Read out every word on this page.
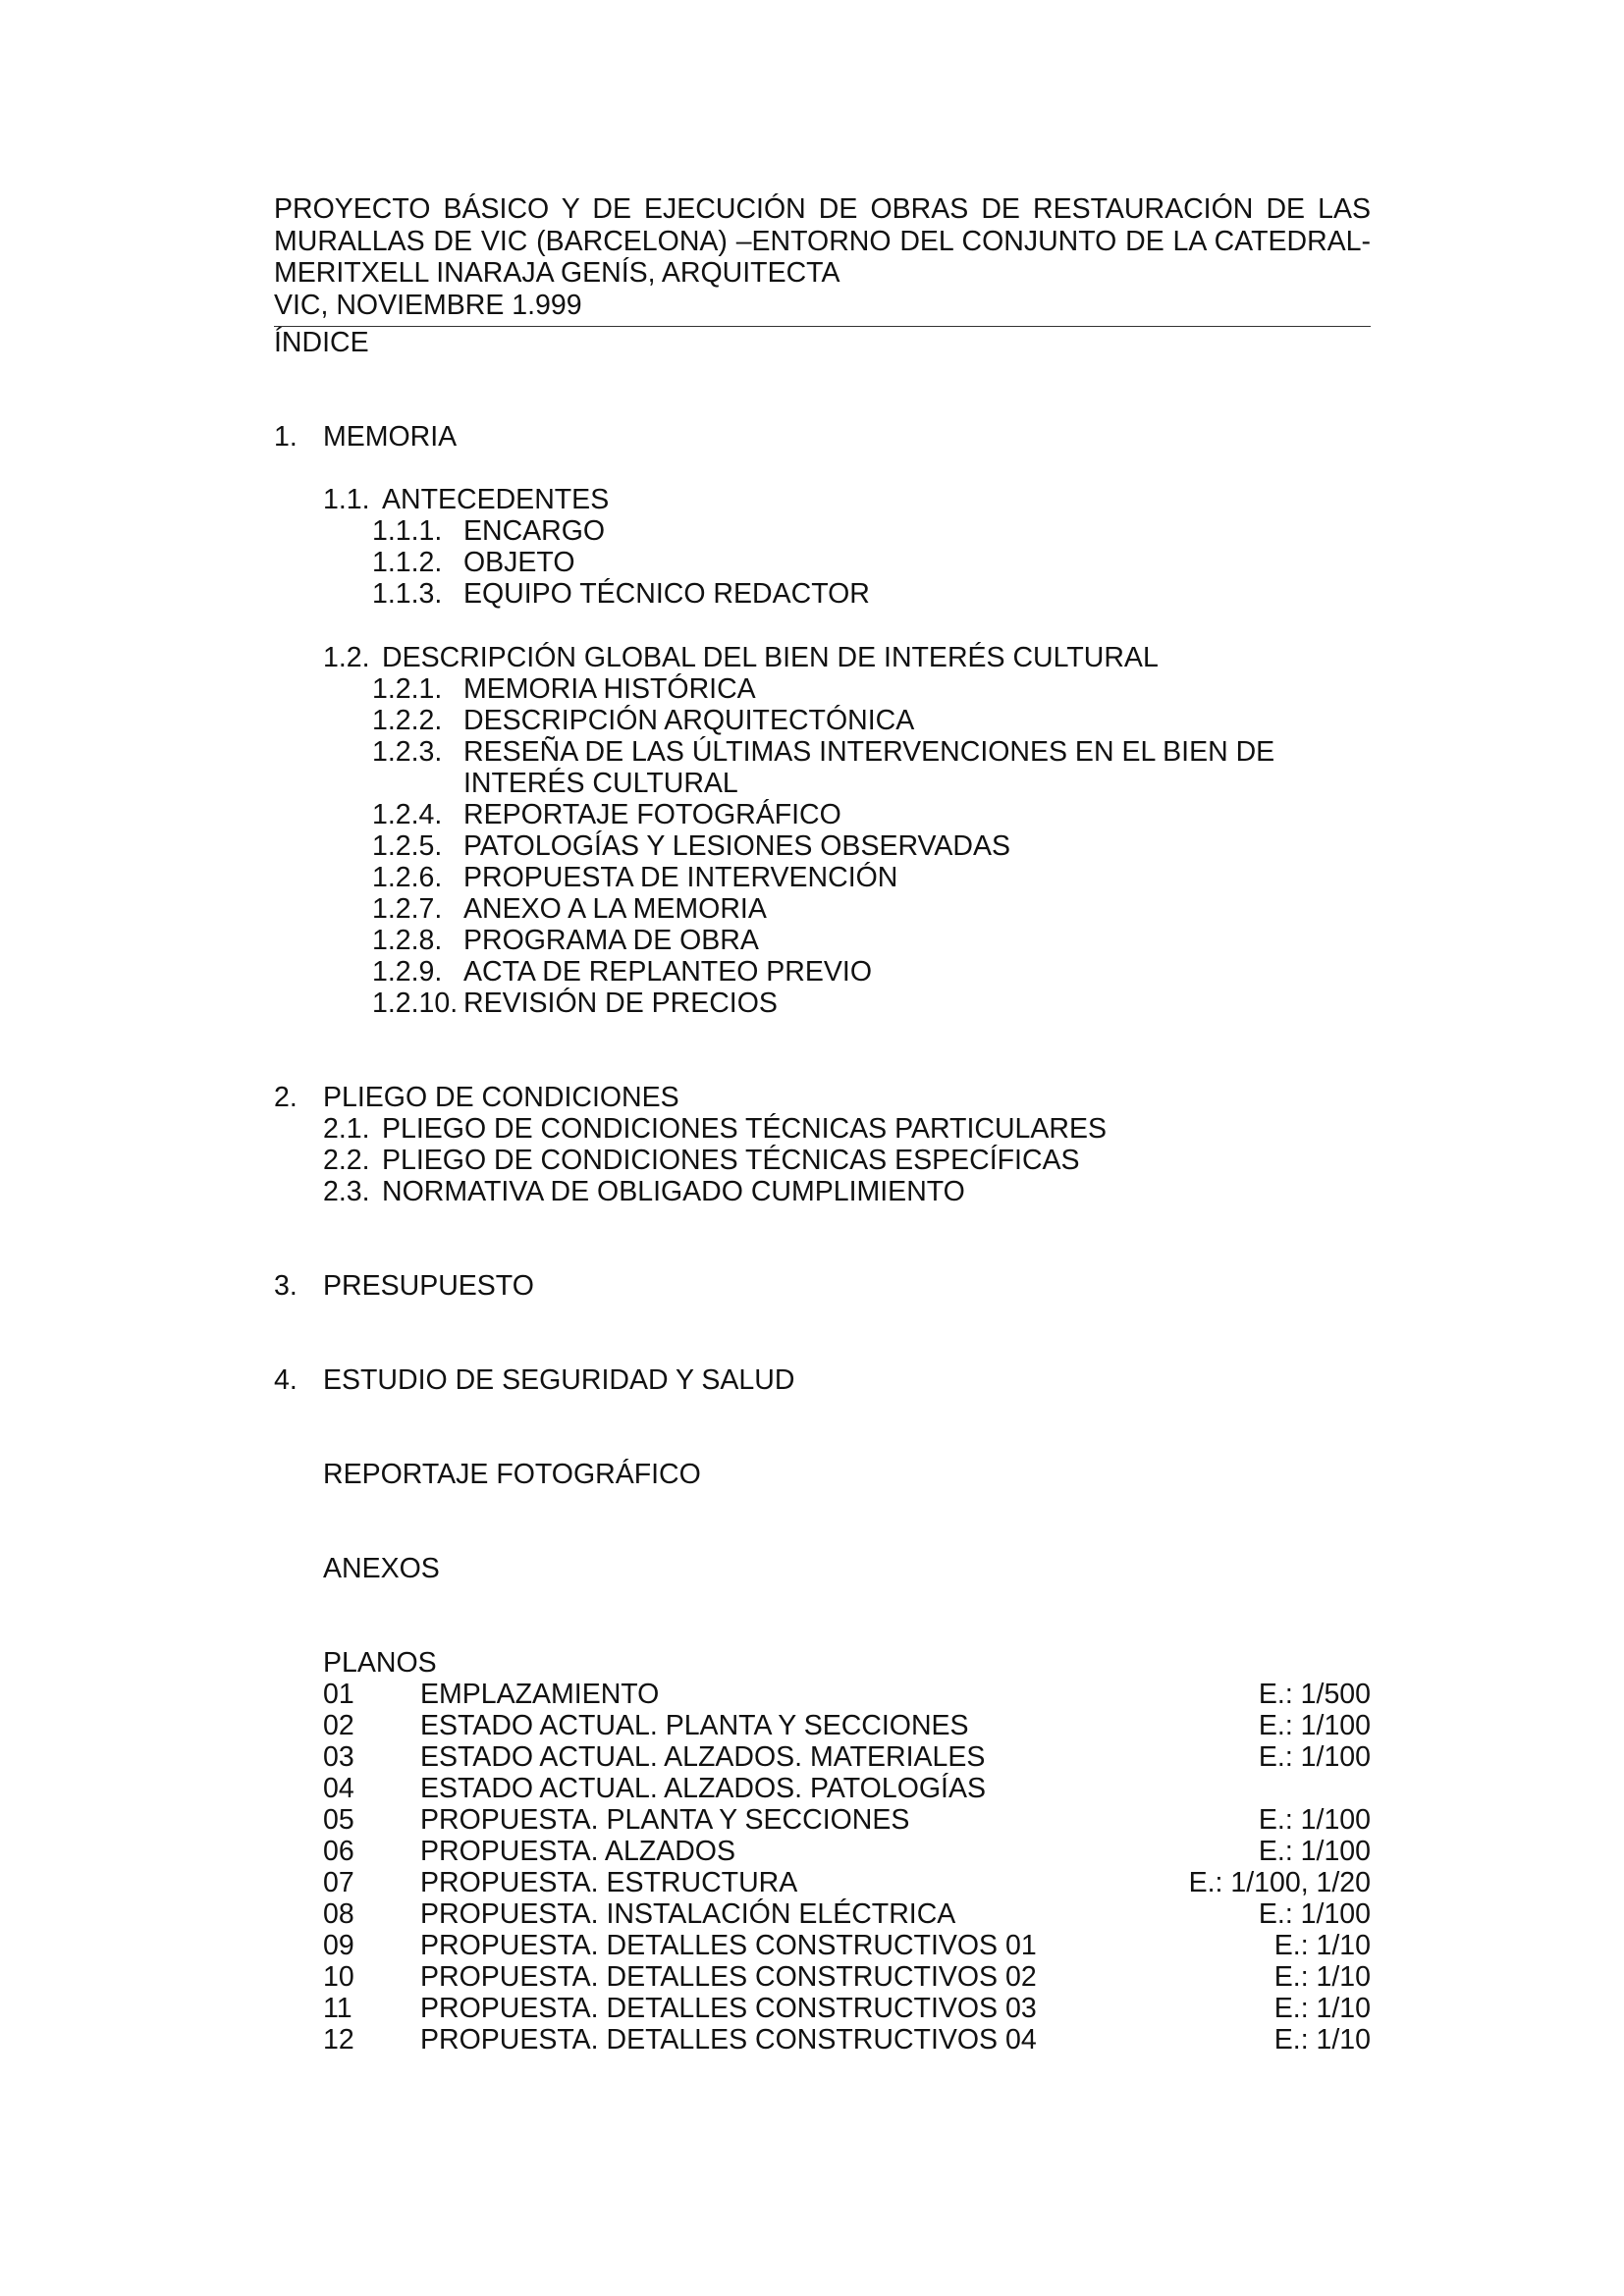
PROYECTO BÁSICO Y DE EJECUCIÓN DE OBRAS DE RESTAURACIÓN DE LAS
MURALLAS DE VIC (BARCELONA) –ENTORNO DEL CONJUNTO DE LA CATEDRAL-
MERITXELL INARAJA GENÍS, ARQUITECTA
VIC, NOVIEMBRE 1.999
ÍNDICE
1. MEMORIA
1.1. ANTECEDENTES
1.1.1. ENCARGO
1.1.2. OBJETO
1.1.3. EQUIPO TÉCNICO REDACTOR
1.2. DESCRIPCIÓN GLOBAL DEL BIEN DE INTERÉS CULTURAL
1.2.1. MEMORIA HISTÓRICA
1.2.2. DESCRIPCIÓN ARQUITECTÓNICA
1.2.3. RESEÑA DE LAS ÚLTIMAS INTERVENCIONES EN EL BIEN DE
INTERÉS CULTURAL
1.2.4. REPORTAJE FOTOGRÁFICO
1.2.5. PATOLOGÍAS Y LESIONES OBSERVADAS
1.2.6. PROPUESTA DE INTERVENCIÓN
1.2.7. ANEXO A LA MEMORIA
1.2.8. PROGRAMA DE OBRA
1.2.9. ACTA DE REPLANTEO PREVIO
1.2.10. REVISIÓN DE PRECIOS
2. PLIEGO DE CONDICIONES
2.1. PLIEGO DE CONDICIONES TÉCNICAS PARTICULARES
2.2. PLIEGO DE CONDICIONES TÉCNICAS ESPECÍFICAS
2.3. NORMATIVA DE OBLIGADO CUMPLIMIENTO
3. PRESUPUESTO
4. ESTUDIO DE SEGURIDAD Y SALUD
REPORTAJE FOTOGRÁFICO
ANEXOS
PLANOS
01 EMPLAZAMIENTO	E.: 1/500
02 ESTADO ACTUAL. PLANTA Y SECCIONES	E.: 1/100
03 ESTADO ACTUAL. ALZADOS. MATERIALES	E.: 1/100
04 ESTADO ACTUAL. ALZADOS. PATOLOGÍAS
05 PROPUESTA. PLANTA Y SECCIONES	E.: 1/100
06 PROPUESTA. ALZADOS	E.: 1/100
07 PROPUESTA. ESTRUCTURA	E.: 1/100, 1/20
08 PROPUESTA. INSTALACIÓN ELÉCTRICA	E.: 1/100
09 PROPUESTA. DETALLES CONSTRUCTIVOS 01	E.: 1/10
10 PROPUESTA. DETALLES CONSTRUCTIVOS 02	E.: 1/10
11 PROPUESTA. DETALLES CONSTRUCTIVOS 03	E.: 1/10
12 PROPUESTA. DETALLES CONSTRUCTIVOS 04	E.: 1/10
